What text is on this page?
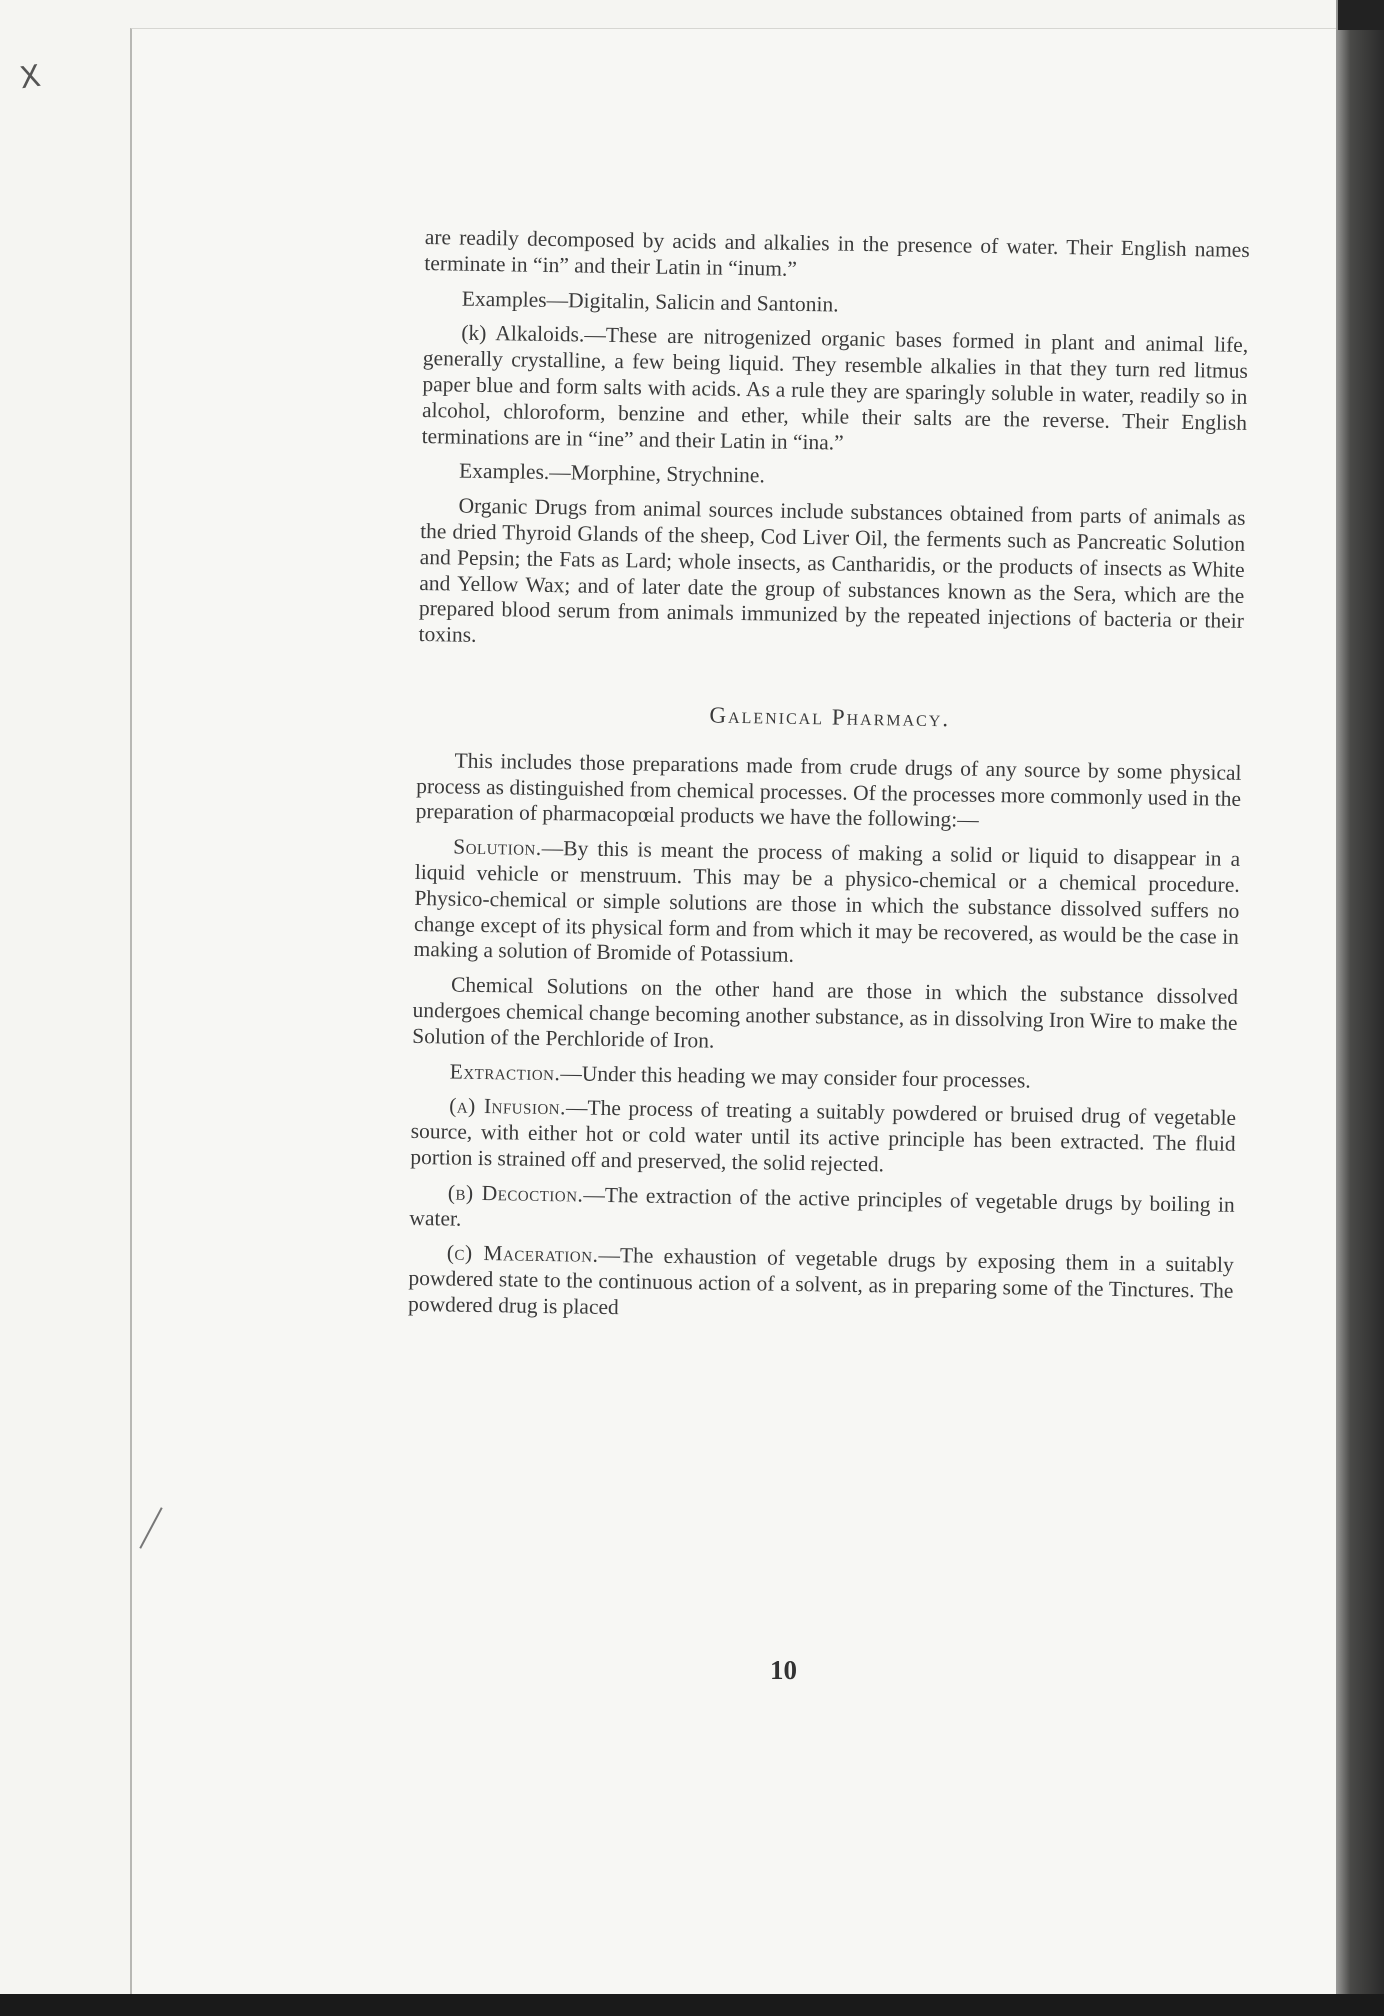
X

are readily decomposed by acids and alkalies in the presence of water. Their English names terminate in “in” and their Latin in “inum.”

Examples—Digitalin, Salicin and Santonin.

(k) Alkaloids.—These are nitrogenized organic bases formed in plant and animal life, generally crystalline, a few being liquid. They resemble alkalies in that they turn red litmus paper blue and form salts with acids. As a rule they are sparingly soluble in water, readily so in alcohol, chloroform, benzine and ether, while their salts are the reverse. Their English terminations are in “ine” and their Latin in “ina.”

Examples.—Morphine, Strychnine.

Organic Drugs from animal sources include substances obtained from parts of animals as the dried Thyroid Glands of the sheep, Cod Liver Oil, the ferments such as Pancreatic Solution and Pepsin; the Fats as Lard; whole insects, as Cantharidis, or the products of insects as White and Yellow Wax; and of later date the group of substances known as the Sera, which are the prepared blood serum from animals immunized by the repeated injections of bacteria or their toxins.

Galenical Pharmacy.

This includes those preparations made from crude drugs of any source by some physical process as distinguished from chemical processes. Of the processes more commonly used in the preparation of pharmacopœial products we have the following:—

Solution.—By this is meant the process of making a solid or liquid to disappear in a liquid vehicle or menstruum. This may be a physico-chemical or a chemical procedure. Physico-chemical or simple solutions are those in which the substance dissolved suffers no change except of its physical form and from which it may be recovered, as would be the case in making a solution of Bromide of Potassium.

Chemical Solutions on the other hand are those in which the substance dissolved undergoes chemical change becoming another substance, as in dissolving Iron Wire to make the Solution of the Perchloride of Iron.

Extraction.—Under this heading we may consider four processes.

(a) Infusion.—The process of treating a suitably powdered or bruised drug of vegetable source, with either hot or cold water until its active principle has been extracted. The fluid portion is strained off and preserved, the solid rejected.

(b) Decoction.—The extraction of the active principles of vegetable drugs by boiling in water.

(c) Maceration.—The exhaustion of vegetable drugs by exposing them in a suitably powdered state to the continuous action of a solvent, as in preparing some of the Tinctures. The powdered drug is placed

10
